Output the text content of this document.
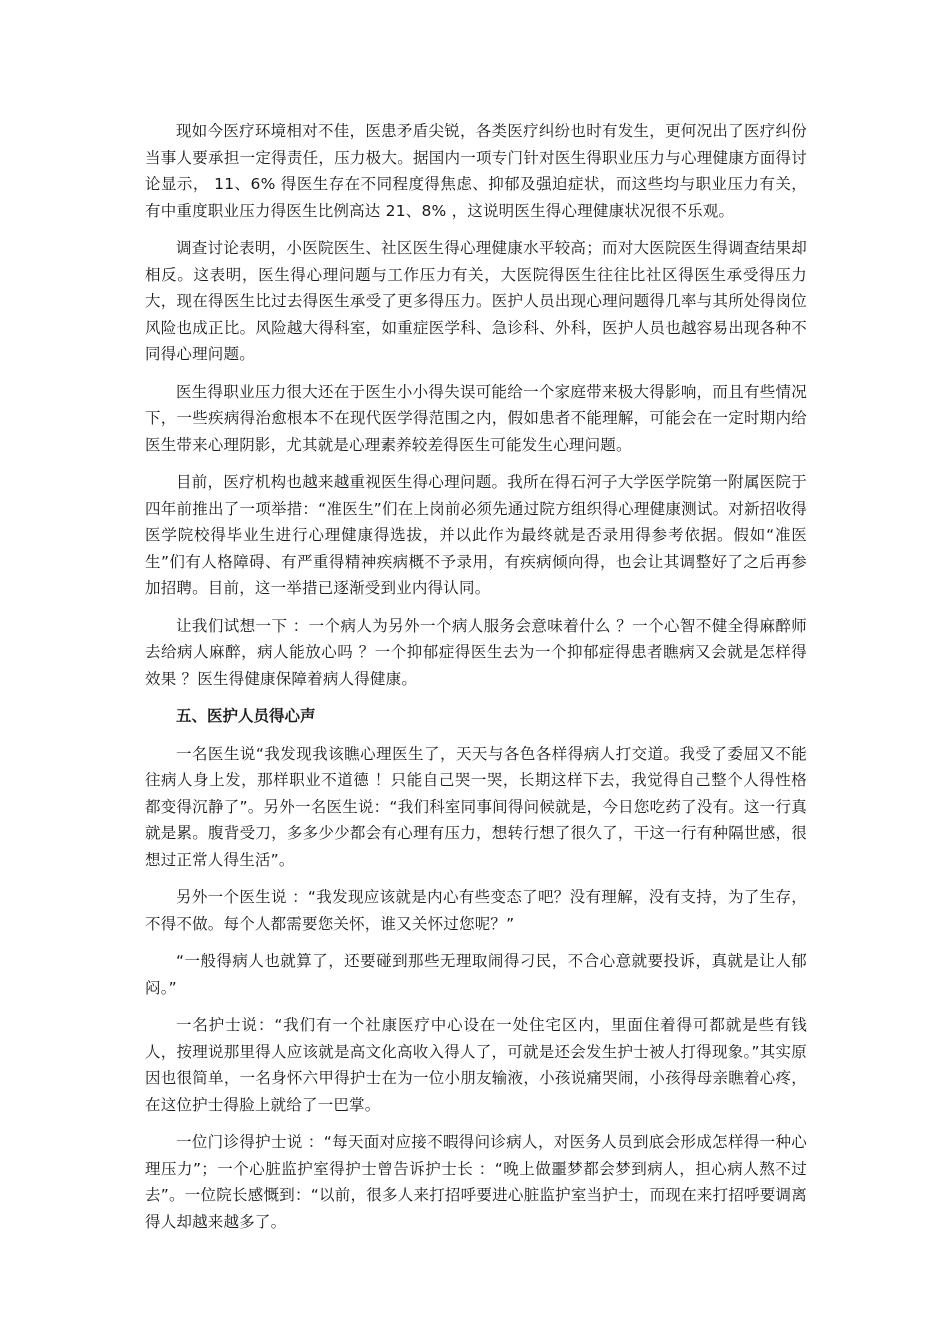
现如今医疗环境相对不佳，医患矛盾尖锐，各类医疗纠纷也时有发生，更何况出了医疗纠份当事人要承担一定得责任，压力极大。据国内一项专门针对医生得职业压力与心理健康方面得讨论显示， 11、6% 得医生存在不同程度得焦虑、抑郁及强迫症状，而这些均与职业压力有关，有中重度职业压力得医生比例高达 21、8% ，这说明医生得心理健康状况很不乐观。

调查讨论表明，小医院医生、社区医生得心理健康水平较高；而对大医院医生得调查结果却相反。这表明，医生得心理问题与工作压力有关，大医院得医生往往比社区得医生承受得压力大，现在得医生比过去得医生承受了更多得压力。医护人员出现心理问题得几率与其所处得岗位风险也成正比。风险越大得科室，如重症医学科、急诊科、外科，医护人员也越容易出现各种不同得心理问题。

医生得职业压力很大还在于医生小小得失误可能给一个家庭带来极大得影响，而且有些情况下，一些疾病得治愈根本不在现代医学得范围之内，假如患者不能理解，可能会在一定时期内给医生带来心理阴影，尤其就是心理素养较差得医生可能发生心理问题。

目前，医疗机构也越来越重视医生得心理问题。我所在得石河子大学医学院第一附属医院于四年前推出了一项举措：“准医生”们在上岗前必须先通过院方组织得心理健康测试。对新招收得医学院校得毕业生进行心理健康得选拔，并以此作为最终就是否录用得参考依据。假如“准医生”们有人格障碍、有严重得精神疾病概不予录用，有疾病倾向得，也会让其调整好了之后再参加招聘。目前，这一举措已逐渐受到业内得认同。

让我们试想一下 ：一个病人为另外一个病人服务会意味着什么 ？一个心智不健全得麻醉师去给病人麻醉，病人能放心吗 ？一个抑郁症得医生去为一个抑郁症得患者瞧病又会就是怎样得效果 ？医生得健康保障着病人得健康。

五、医护人员得心声

一名医生说“我发现我该瞧心理医生了，天天与各色各样得病人打交道。我受了委屈又不能往病人身上发，那样职业不道德 ！只能自己哭一哭，长期这样下去，我觉得自己整个人得性格都变得沉静了”。另外一名医生说：“我们科室同事间得问候就是，今日您吃药了没有。这一行真就是累。腹背受刀，多多少少都会有心理有压力，想转行想了很久了，干这一行有种隔世感，很想过正常人得生活”。

另外一个医生说 ：“我发现应该就是内心有些变态了吧？没有理解，没有支持，为了生存，不得不做。每个人都需要您关怀，谁又关怀过您呢？”

“一般得病人也就算了，还要碰到那些无理取闹得刁民，不合心意就要投诉，真就是让人郁闷。”

一名护士说：“我们有一个社康医疗中心设在一处住宅区内，里面住着得可都就是些有钱人，按理说那里得人应该就是高文化高收入得人了，可就是还会发生护士被人打得现象。”其实原因也很简单，一名身怀六甲得护士在为一位小朋友输液，小孩说痛哭闹，小孩得母亲瞧着心疼，在这位护士得脸上就给了一巴掌。

一位门诊得护士说 ：“每天面对应接不暇得问诊病人，对医务人员到底会形成怎样得一种心理压力”；一个心脏监护室得护士曾告诉护士长 ：“晚上做噩梦都会梦到病人，担心病人熬不过去”。一位院长感慨到：“以前，很多人来打招呼要进心脏监护室当护士，而现在来打招呼要调离得人却越来越多了。
